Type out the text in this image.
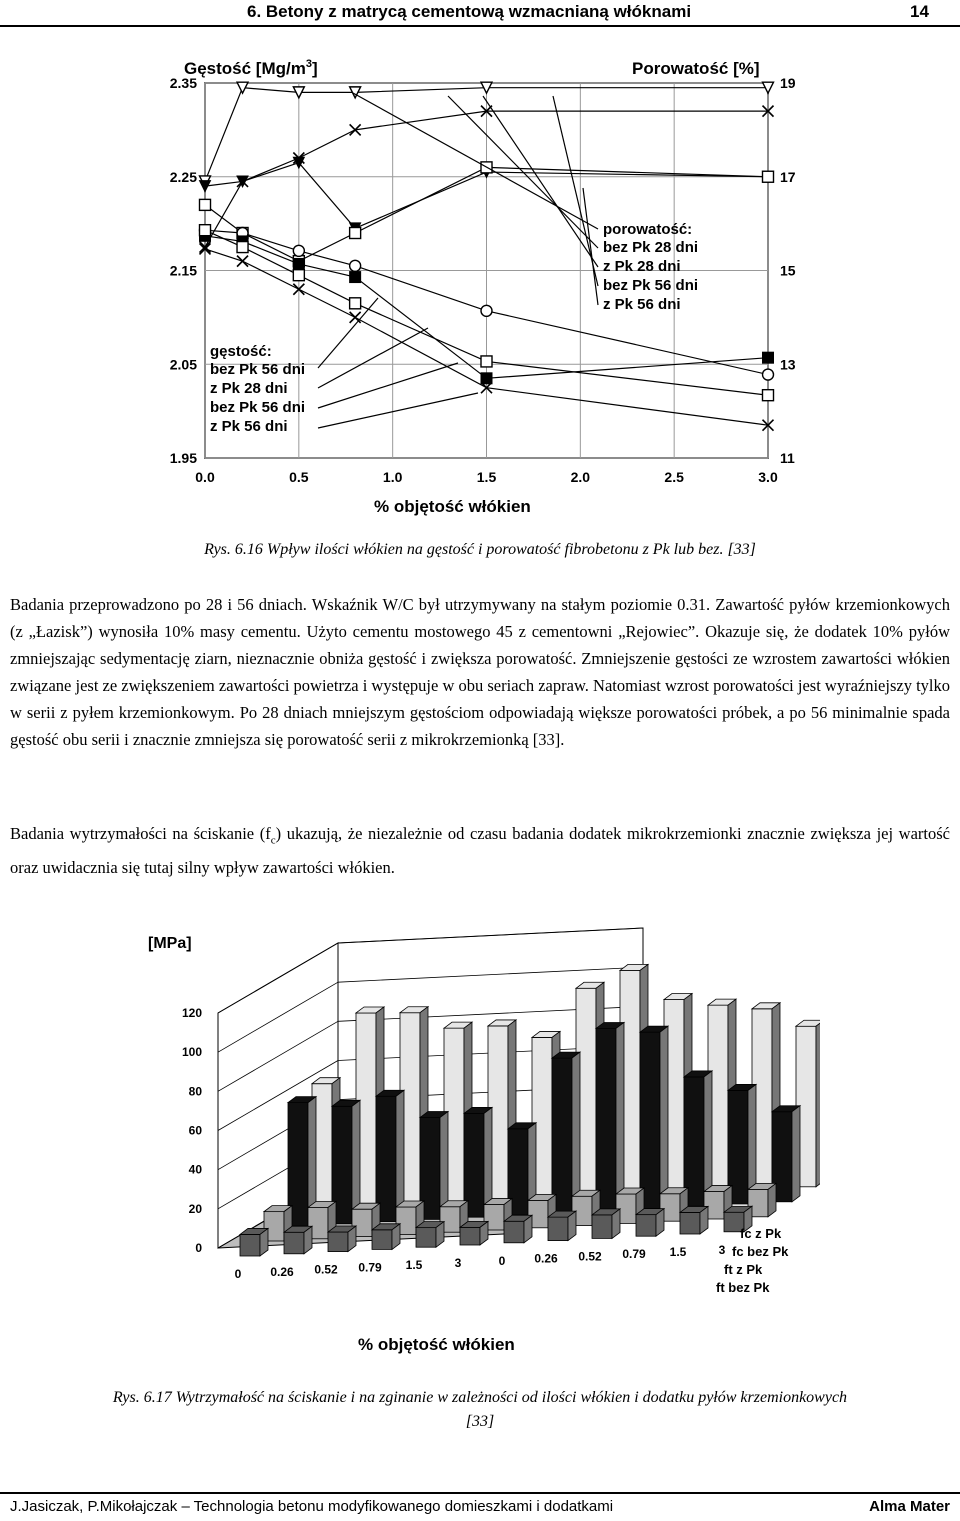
6. Betony z matrycą cementową wzmacnianą włóknami	14
Gęstość $[Mg/m^3]$	Porowatość [%]
% objętość włókien
0.0	0.5	1.0	1.5	2.0	2.5	3.0
1.95
2.05
2.15
2.25
2.35
11
13
15
17
19
porowatość:
bez Pk 28 dni
z Pk 28 dni
bez Pk 56 dni
z Pk 56 dni
gęstość:
bez Pk 56 dni
z Pk 28 dni
bez Pk 56 dni
z Pk 56 dni
Rys. 6.16 Wpływ ilości włókien na gęstość i porowatość fibrobetonu z Pk lub bez. [33]
Badania przeprowadzono po 28 i 56 dniach. Wskaźnik W/C był utrzymywany na stałym poziomie 0.31. Zawartość pyłów krzemionkowych (z „Łazisk”) wynosiła 10% masy cementu. Użyto cementu mostowego 45 z cementowni „Rejowiec”. Okazuje się, że dodatek 10% pyłów zmniejszając sedymentację ziarn, nieznacznie obniża gęstość i zwiększa porowatość. Zmniejszenie gęstości ze wzrostem zawartości włókien związane jest ze zwiększeniem zawartości powietrza i występuje w obu seriach zapraw. Natomiast wzrost porowatości jest wyraźniejszy tylko w serii z pyłem krzemionkowym. Po 28 dniach mniejszym gęstościom odpowiadają większe porowatości próbek, a po 56 minimalnie spada gęstość obu serii i znacznie zmniejsza się porowatość serii z mikrokrzemionką [33].
Badania wytrzymałości na ściskanie $(f_c)$ ukazują, że niezależnie od czasu badania dodatek mikrokrzemionki znacznie zwiększa jej wartość oraz uwidacznia się tutaj silny wpływ zawartości włókien.
[MPa]
% objętość włókien
0
20
40
60
80
100
120
0 0.26 0.52 0.79 1.5	3	0 0.26 0.52 0.79 1.5	3
fc z Pk
fc bez Pk
ft z Pk
ft bez Pk
Rys. 6.17 Wytrzymałość na ściskanie i na zginanie w zależności od ilości włókien i dodatku pyłów krzemionkowych
[33]
J.Jasiczak, P.Mikołajczak – Technologia betonu modyfikowanego domieszkami i dodatkami	Alma Mater
